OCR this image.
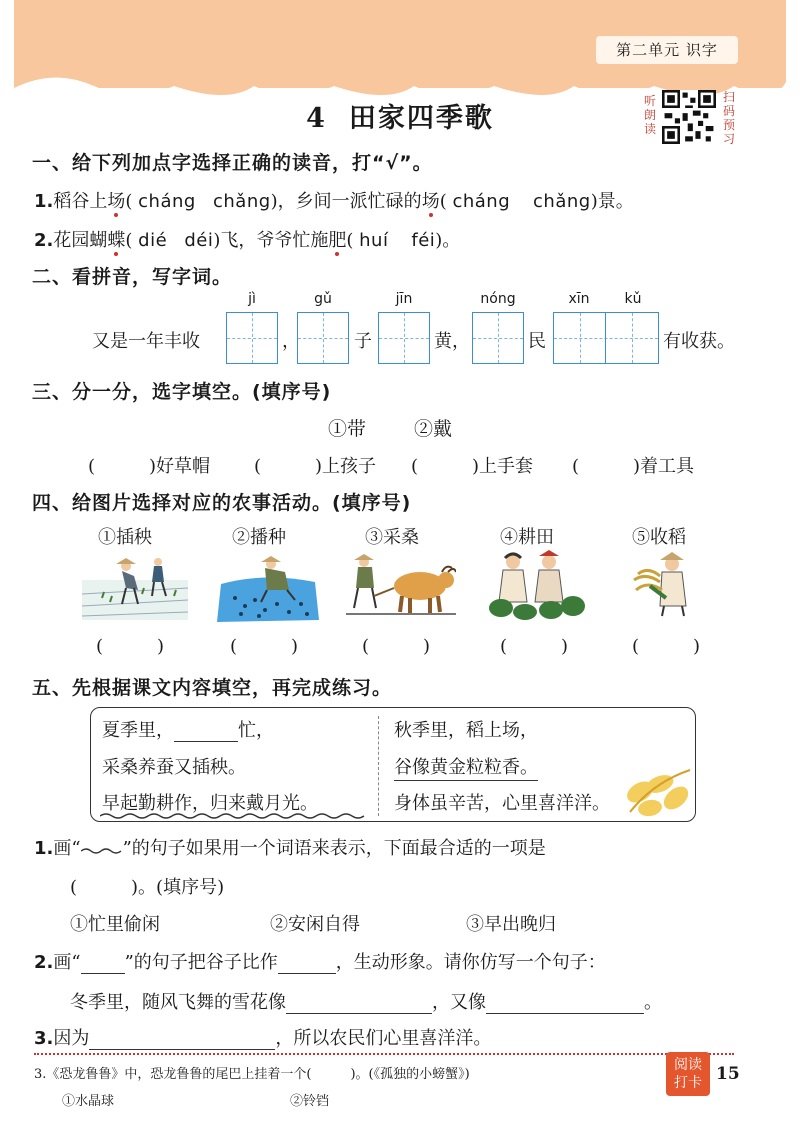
第二单元 识字
4 田家四季歌
听朗读
扫码预习
一、给下列加点字选择正确的读音，打“√”。
1.稻谷上场( cháng chǎng)，乡间一派忙碌的场( cháng chǎng)景。
2.花园蝴蝶( dié déi)飞，爷爷忙施肥( huí féi)。
二、看拼音，写字词。
jì	gǔ	jīn	nóng	xīn	kǔ
又是一年丰收	，	子	黄，	民	有收获。
三、分一分，选字填空。(填序号)
①带	②戴
(　　　)好草帽 (　　　)上孩子 (　　　)上手套 (　　　)着工具
四、给图片选择对应的农事活动。(填序号)
①插秧	②播种	③采桑	④耕田	⑤收稻
(　　　)	(　　　)	(　　　)	(　　　)	(　　　)
五、先根据课文内容填空，再完成练习。
夏季里，	忙，
采桑养蚕又插秧。
早起勤耕作，归来戴月光。
秋季里，稻上场，
谷像黄金粒粒香。
身体虽辛苦，心里喜洋洋。
1.画“ ”的句子如果用一个词语来表示，下面最合适的一项是
(　　　)。(填序号)
①忙里偷闲	②安闲自得	③早出晚归
2.画“ ”的句子把谷子比作	，生动形象。请你仿写一个句子：
冬季里，随风飞舞的雪花像	，又像	。
3.因为	，所以农民们心里喜洋洋。
3.《恐龙鲁鲁》中，恐龙鲁鲁的尾巴上挂着一个(　　　)。(《孤独的小螃蟹》)
①水晶球	②铃铛
阅读
打卡 15
